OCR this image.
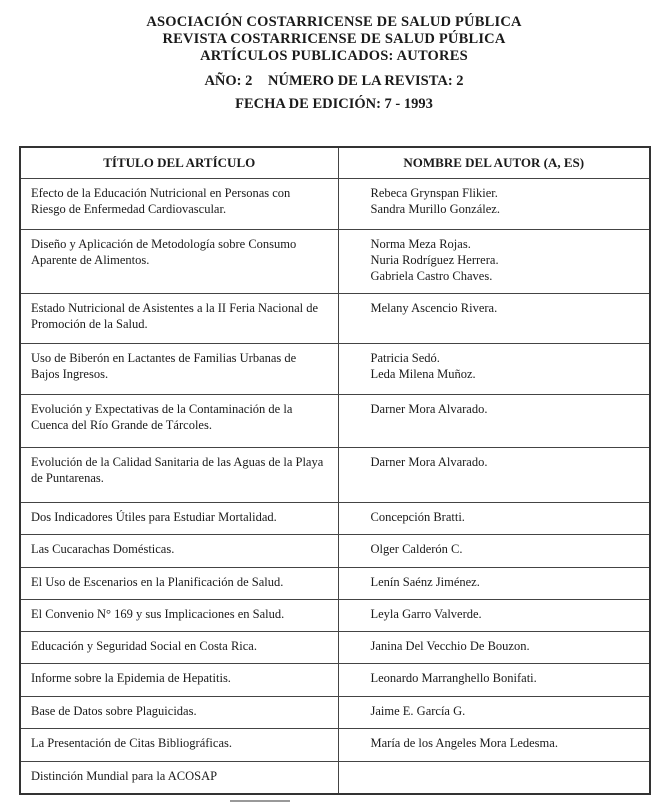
ASOCIACIÓN COSTARRICENSE DE SALUD PÚBLICA
REVISTA COSTARRICENSE DE SALUD PÚBLICA
ARTÍCULOS PUBLICADOS: AUTORES
AÑO: 2 NÚMERO DE LA REVISTA: 2
FECHA DE EDICIÓN: 7 - 1993
TÍTULO DEL ARTÍCULO	NOMBRE DEL AUTOR (A, ES)
Efecto de la Educación Nutricional en Personas con Riesgo de Enfermedad Cardiovascular.	Rebeca Grynspan Flikier.
Sandra Murillo González.

Diseño y Aplicación de Metodología sobre Consumo Aparente de Alimentos.	Norma Meza Rojas.
Nuria Rodríguez Herrera.
Gabriela Castro Chaves.

Estado Nutricional de Asistentes a la II Feria Nacional de Promoción de la Salud.	Melany Ascencio Rivera.

Uso de Biberón en Lactantes de Familias Urbanas de Bajos Ingresos.	Patricia Sedó.
Leda Milena Muñoz.

Evolución y Expectativas de la Contaminación de la Cuenca del Río Grande de Tárcoles.	Darner Mora Alvarado.

Evolución de la Calidad Sanitaria de las Aguas de la Playa de Puntarenas.	Darner Mora Alvarado.

Dos Indicadores Útiles para Estudiar Mortalidad.	Concepción Bratti.

Las Cucarachas Domésticas.	Olger Calderón C.

El Uso de Escenarios en la Planificación de Salud.	Lenín Saénz Jiménez.

El Convenio N° 169 y sus Implicaciones en Salud.	Leyla Garro Valverde.

Educación y Seguridad Social en Costa Rica.	Janina Del Vecchio De Bouzon.

Informe sobre la Epidemia de Hepatitis.	Leonardo Marranghello Bonifati.

Base de Datos sobre Plaguicidas.	Jaime E. García G.

La Presentación de Citas Bibliográficas.	María de los Angeles Mora Ledesma.

Distinción Mundial para la ACOSAP	
